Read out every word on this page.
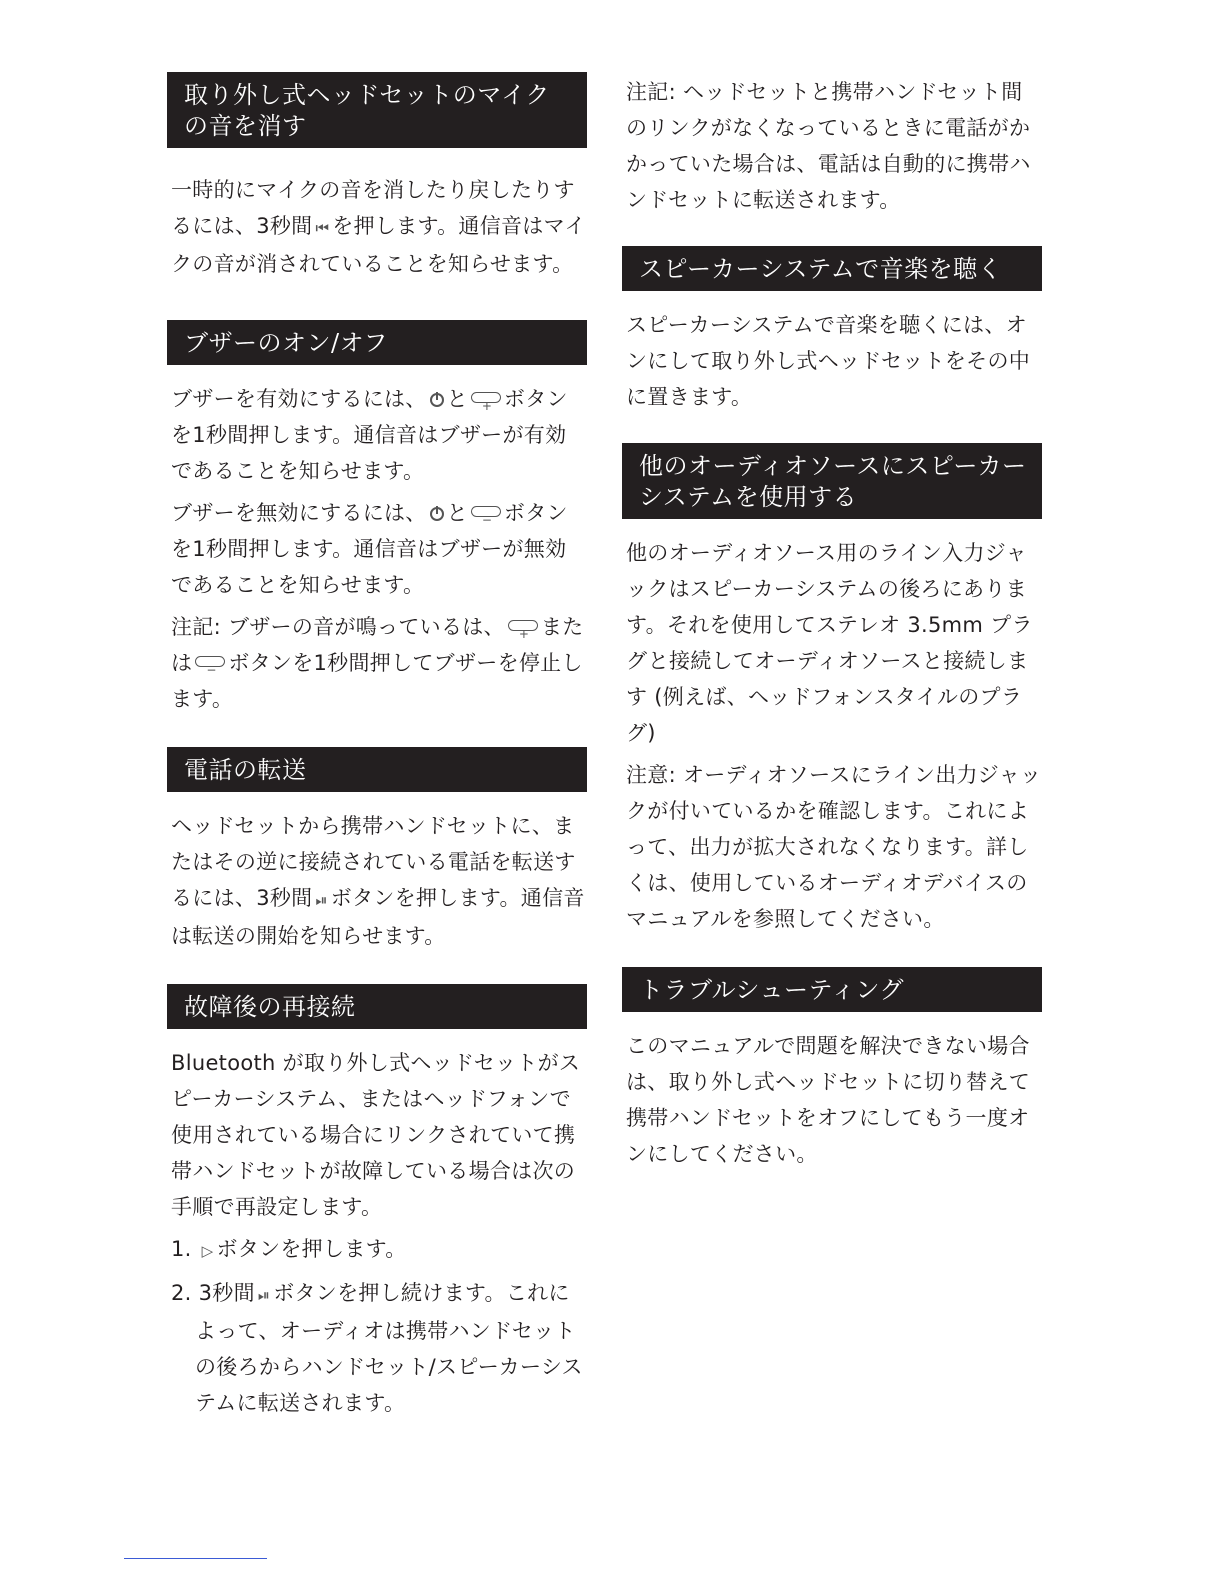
取り外し式ヘッドセットのマイクの音を消す

一時的にマイクの音を消したり戻したりするには、3秒間 ⏮ を押します。通信音はマイクの音が消されていることを知らせます。

ブザーのオン/オフ

ブザーを有効にするには、 と + ボタンを1秒間押します。通信音はブザーが有効であることを知らせます。

ブザーを無効にするには、 と − ボタンを1秒間押します。通信音はブザーが無効であることを知らせます。

注記: ブザーの音が鳴っているは、 + または − ボタンを1秒間押してブザーを停止します。

電話の転送

ヘッドセットから携帯ハンドセットに、またはその逆に接続されている電話を転送するには、3秒間 ⏯ ボタンを押します。通信音は転送の開始を知らせます。

故障後の再接続

Bluetooth が取り外し式ヘッドセットがスピーカーシステム、またはヘッドフォンで使用されている場合にリンクされていて携帯ハンドセットが故障している場合は次の手順で再設定します。

1. ▷ ボタンを押します。

2. 3秒間 ⏯ ボタンを押し続けます。これによって、オーディオは携帯ハンドセットの後ろからハンドセット/スピーカーシステムに転送されます。

注記: ヘッドセットと携帯ハンドセット間のリンクがなくなっているときに電話がかかっていた場合は、電話は自動的に携帯ハンドセットに転送されます。

スピーカーシステムで音楽を聴く

スピーカーシステムで音楽を聴くには、オンにして取り外し式ヘッドセットをその中に置きます。

他のオーディオソースにスピーカーシステムを使用する

他のオーディオソース用のライン入力ジャックはスピーカーシステムの後ろにあります。それを使用してステレオ 3.5mm プラグと接続してオーディオソースと接続します (例えば、ヘッドフォンスタイルのプラグ)

注意: オーディオソースにライン出力ジャックが付いているかを確認します。これによって、出力が拡大されなくなります。詳しくは、使用しているオーディオデバイスのマニュアルを参照してください。

トラブルシューティング

このマニュアルで問題を解決できない場合は、取り外し式ヘッドセットに切り替えて携帯ハンドセットをオフにしてもう一度オンにしてください。
